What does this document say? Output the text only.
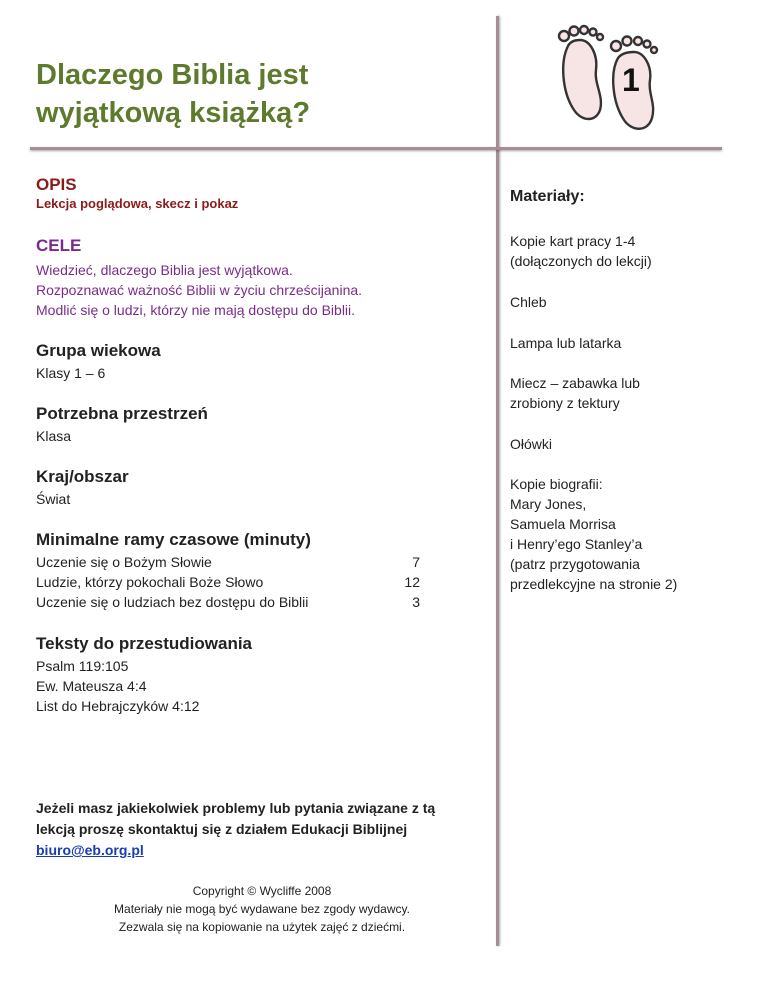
Dlaczego Biblia jest wyjątkową książką?
1
OPIS
Lekcja poglądowa, skecz i pokaz
CELE
Wiedzieć, dlaczego Biblia jest wyjątkowa.
Rozpoznawać ważność Biblii w życiu chrześcijanina.
Modlić się o ludzi, którzy nie mają dostępu do Biblii.
Grupa wiekowa
Klasy 1 – 6
Potrzebna przestrzeń
Klasa
Kraj/obszar
Świat
Minimalne ramy czasowe (minuty)
Uczenie się o Bożym Słowie	7
Ludzie, którzy pokochali Boże Słowo	12
Uczenie się o ludziach bez dostępu do Biblii	3
Teksty do przestudiowania
Psalm 119:105
Ew. Mateusza 4:4
List do Hebrajczyków 4:12
Jeżeli masz jakiekolwiek problemy lub pytania związane z tą
lekcją proszę skontaktuj się z działem Edukacji Biblijnej
biuro@eb.org.pl
Copyright © Wycliffe 2008
Materiały nie mogą być wydawane bez zgody wydawcy.
Zezwala się na kopiowanie na użytek zajęć z dziećmi.
Materiały:
Kopie kart pracy 1-4
(dołączonych do lekcji)
Chleb
Lampa lub latarka
Miecz – zabawka lub
zrobiony z tektury
Ołówki
Kopie biografii:
Mary Jones,
Samuela Morrisa
i Henry’ego Stanley’a
(patrz przygotowania
przedlekcyjne na stronie 2)
